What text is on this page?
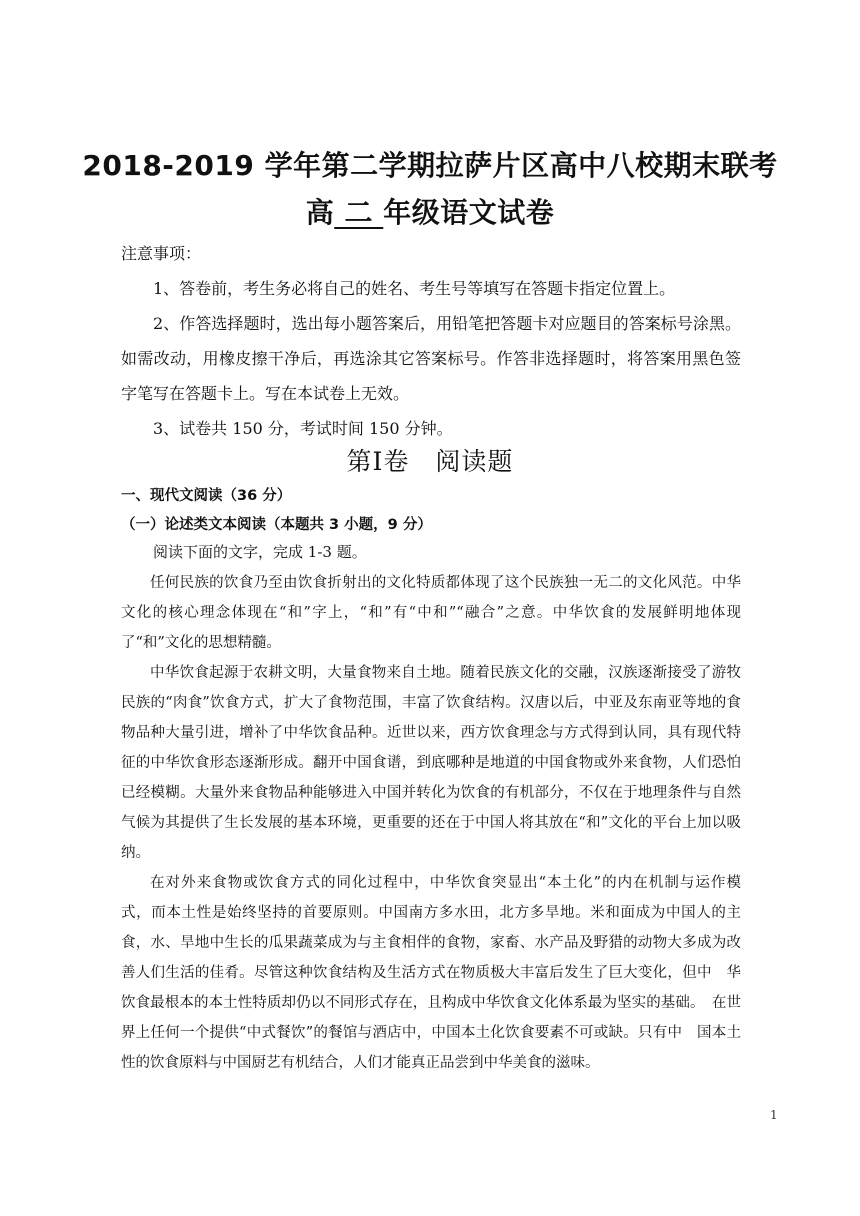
2018-2019 学年第二学期拉萨片区高中八校期末联考
高 二 年级语文试卷

注意事项：

1、答卷前，考生务必将自己的姓名、考生号等填写在答题卡指定位置上。

2、作答选择题时，选出每小题答案后，用铅笔把答题卡对应题目的答案标号涂黑。如需改动，用橡皮擦干净后，再选涂其它答案标号。作答非选择题时，将答案用黑色签字笔写在答题卡上。写在本试卷上无效。

3、试卷共 150 分，考试时间 150 分钟。

第Ⅰ卷　阅读题
一、现代文阅读（36 分）
（一）论述类文本阅读（本题共 3 小题，9 分）
阅读下面的文字，完成 1-3 题。

任何民族的饮食乃至由饮食折射出的文化特质都体现了这个民族独一无二的文化风范。中华文化的核心理念体现在“和”字上，“和”有“中和”“融合”之意。中华饮食的发展鲜明地体现了“和”文化的思想精髓。

中华饮食起源于农耕文明，大量食物来自土地。随着民族文化的交融，汉族逐渐接受了游牧民族的“肉食”饮食方式，扩大了食物范围，丰富了饮食结构。汉唐以后，中亚及东南亚等地的食物品种大量引进，增补了中华饮食品种。近世以来，西方饮食理念与方式得到认同，具有现代特征的中华饮食形态逐渐形成。翻开中国食谱，到底哪种是地道的中国食物或外来食物，人们恐怕已经模糊。大量外来食物品种能够进入中国并转化为饮食的有机部分，不仅在于地理条件与自然气候为其提供了生长发展的基本环境，更重要的还在于中国人将其放在“和”文化的平台上加以吸纳。

在对外来食物或饮食方式的同化过程中，中华饮食突显出“本土化”的内在机制与运作模　式，而本土性是始终坚持的首要原则。中国南方多水田，北方多旱地。米和面成为中国人的主食，水、旱地中生长的瓜果蔬菜成为与主食相伴的食物，家畜、水产品及野猎的动物大多成为改善人们生活的佳肴。尽管这种饮食结构及生活方式在物质极大丰富后发生了巨大变化，但中　华饮食最根本的本土性特质却仍以不同形式存在，且构成中华饮食文化体系最为坚实的基础。　在世界上任何一个提供“中式餐饮”的餐馆与酒店中，中国本土化饮食要素不可或缺。只有中　国本土性的饮食原料与中国厨艺有机结合，人们才能真正品尝到中华美食的滋味。

1
